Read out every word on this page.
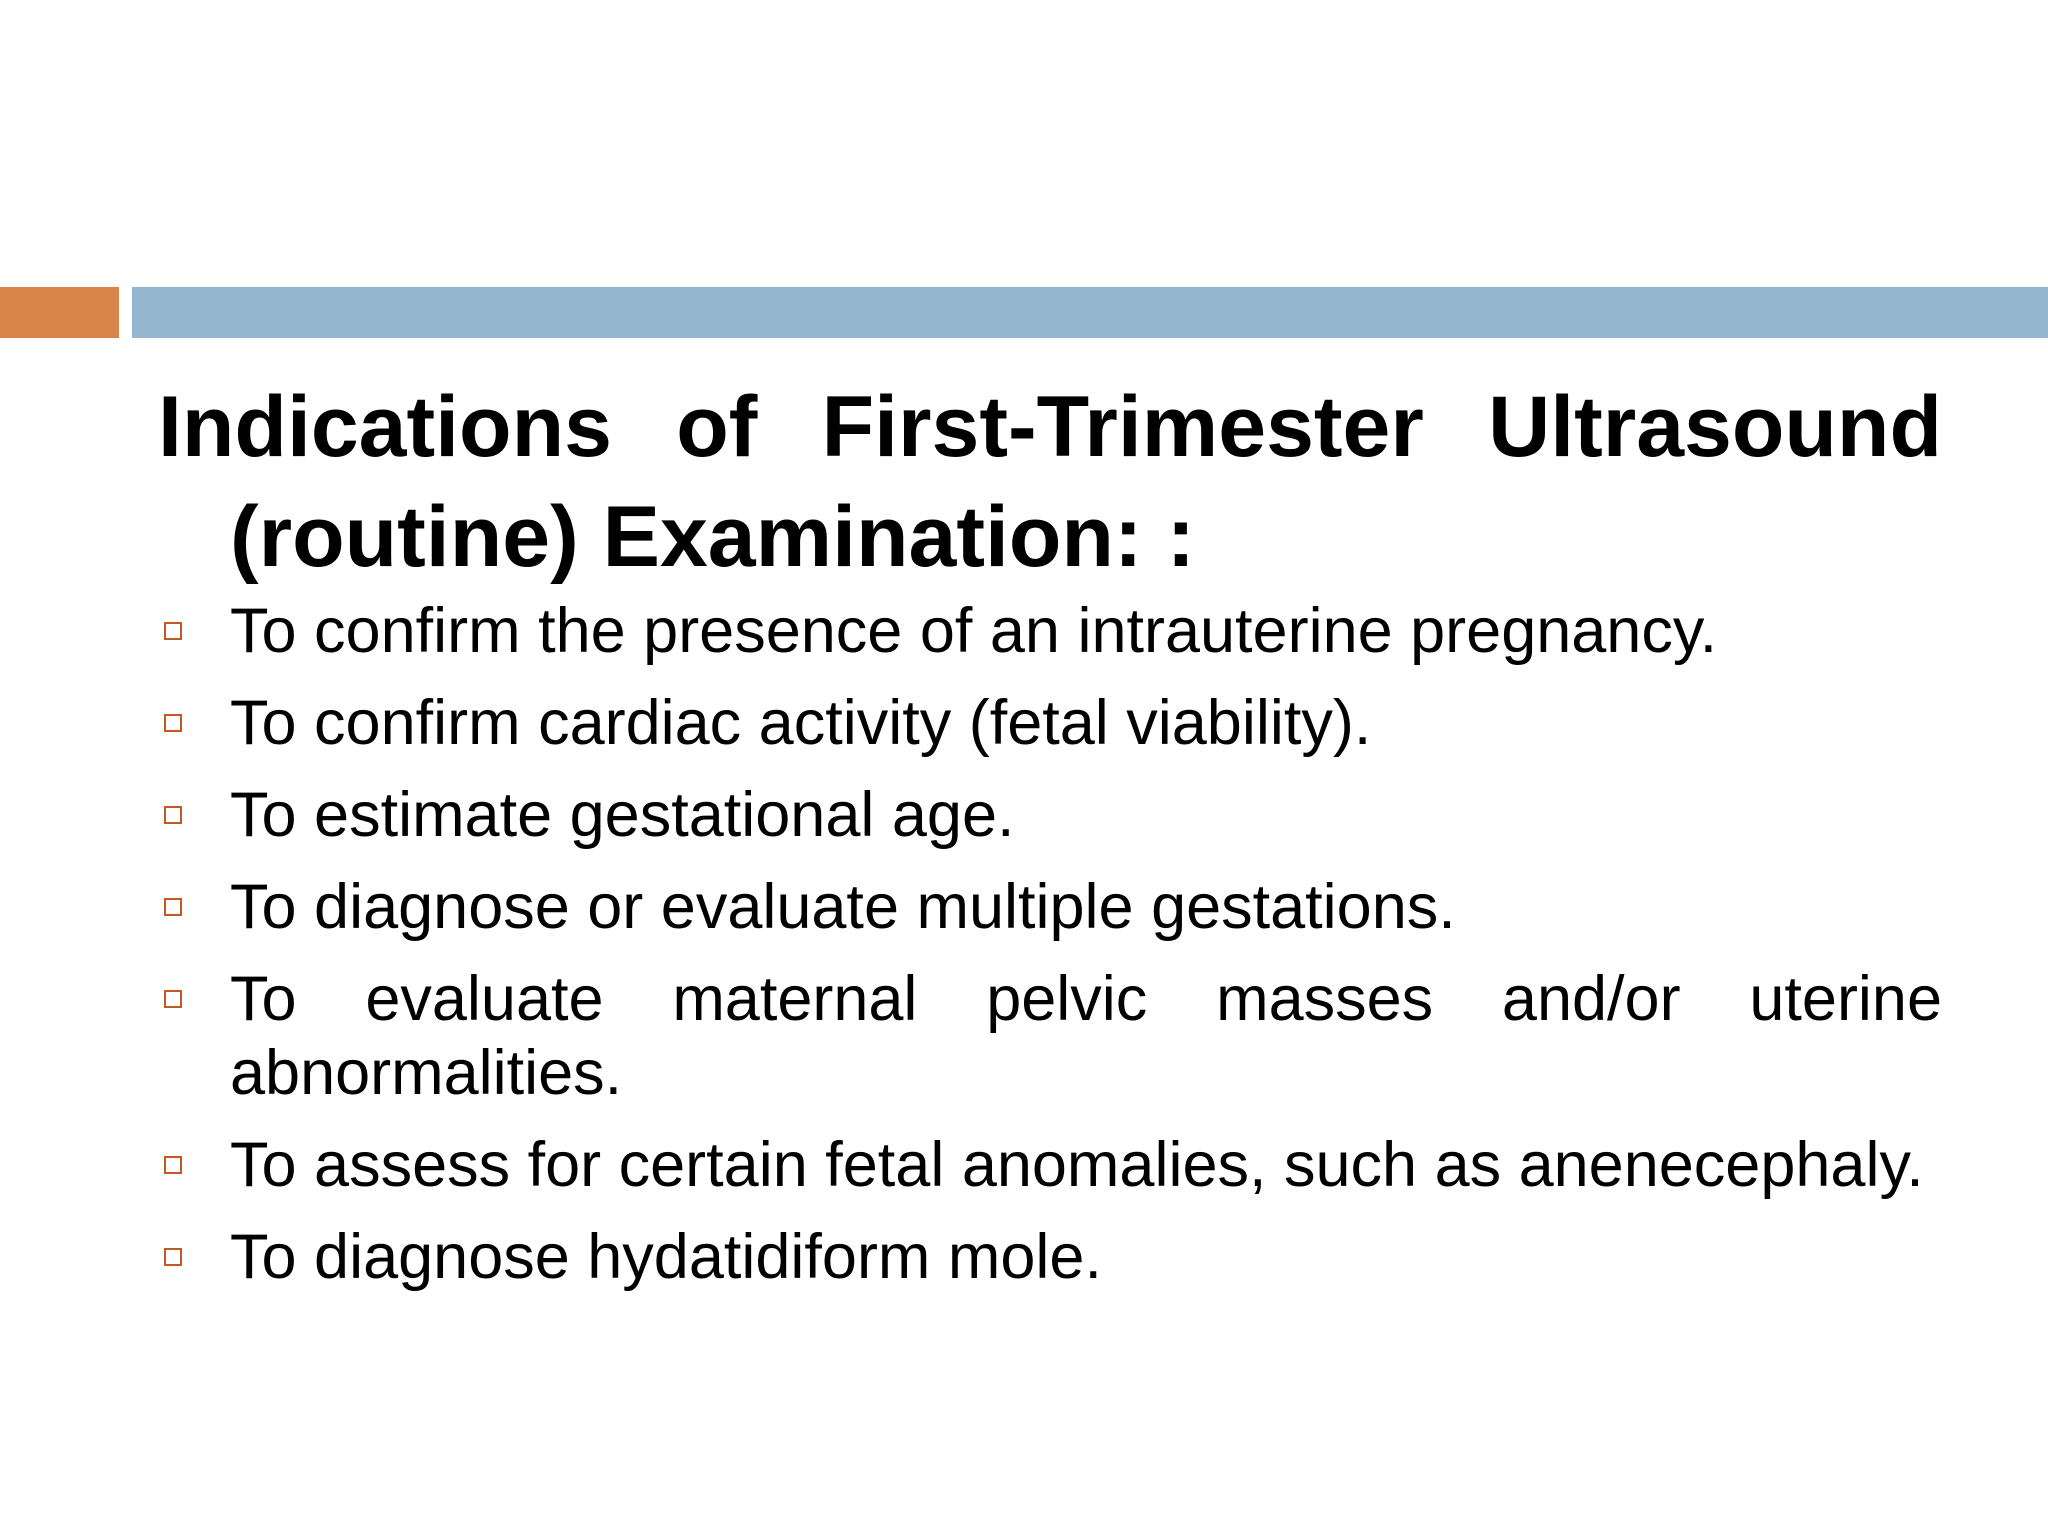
Indications of First-Trimester Ultrasound (routine) Examination: :
To confirm the presence of an intrauterine pregnancy.
To confirm cardiac activity (fetal viability).
To estimate gestational age.
To diagnose or evaluate multiple gestations.
To evaluate maternal pelvic masses and/or uterine abnormalities.
To assess for certain fetal anomalies, such as anenecephaly.
To diagnose hydatidiform mole.
